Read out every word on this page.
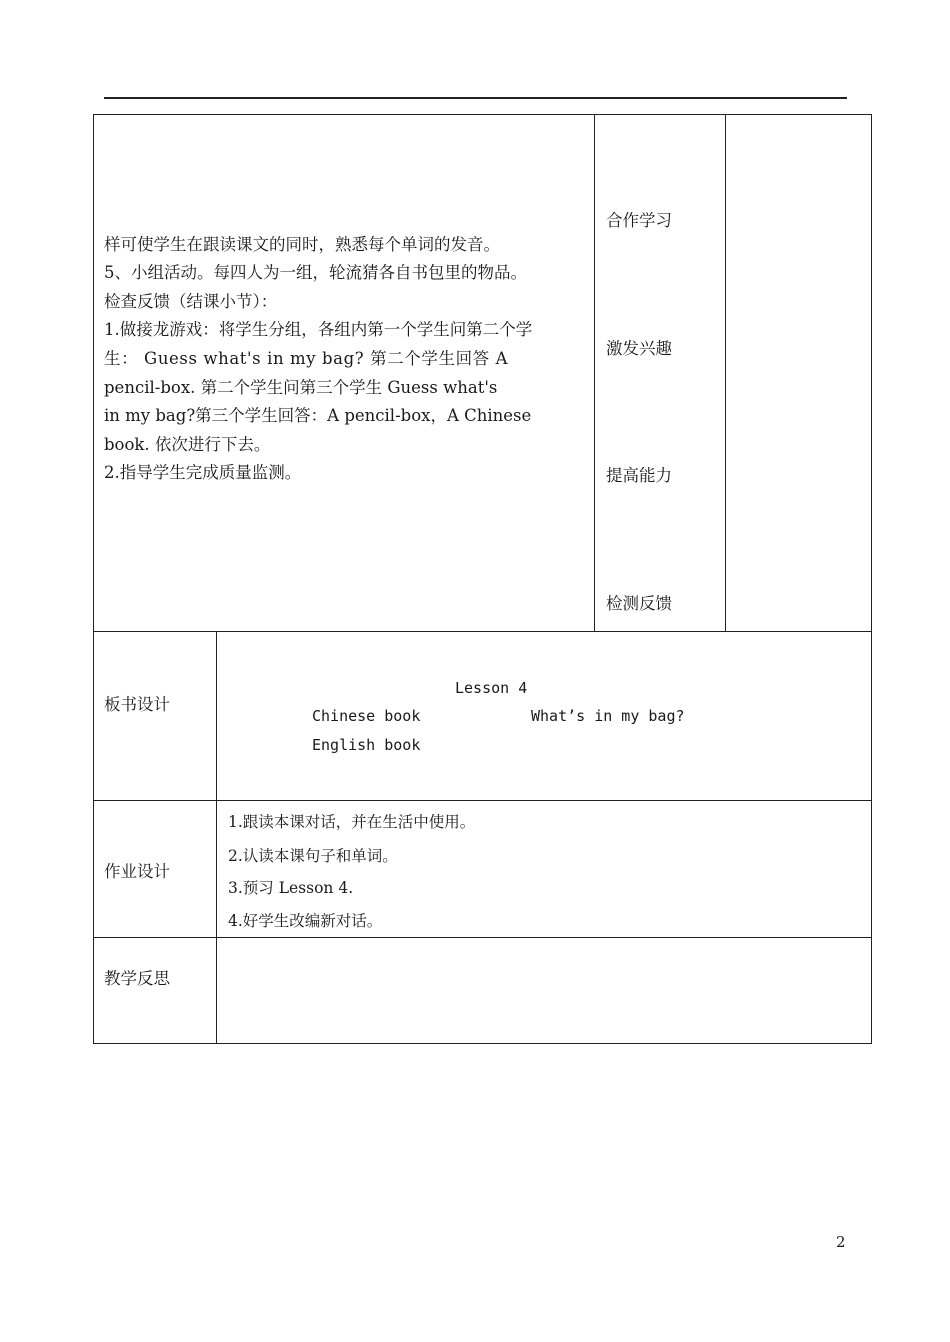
样可使学生在跟读课文的同时，熟悉每个单词的发音。
5、小组活动。每四人为一组，轮流猜各自书包里的物品。
检查反馈（结课小节）：
1.做接龙游戏：将学生分组，各组内第一个学生问第二个学
生： Guess what's in my bag? 第二个学生回答 A
pencil-box. 第二个学生问第三个学生 Guess what's
in my bag?第三个学生回答：A pencil-box，A Chinese
book. 依次进行下去。
2.指导学生完成质量监测。
合作学习
激发兴趣
提高能力
检测反馈
板书设计
Lesson 4
Chinese book	What’s in my bag?
English book
作业设计
1.跟读本课对话，并在生活中使用。
2.认读本课句子和单词。
3.预习 Lesson 4.
4.好学生改编新对话。
教学反思
2
